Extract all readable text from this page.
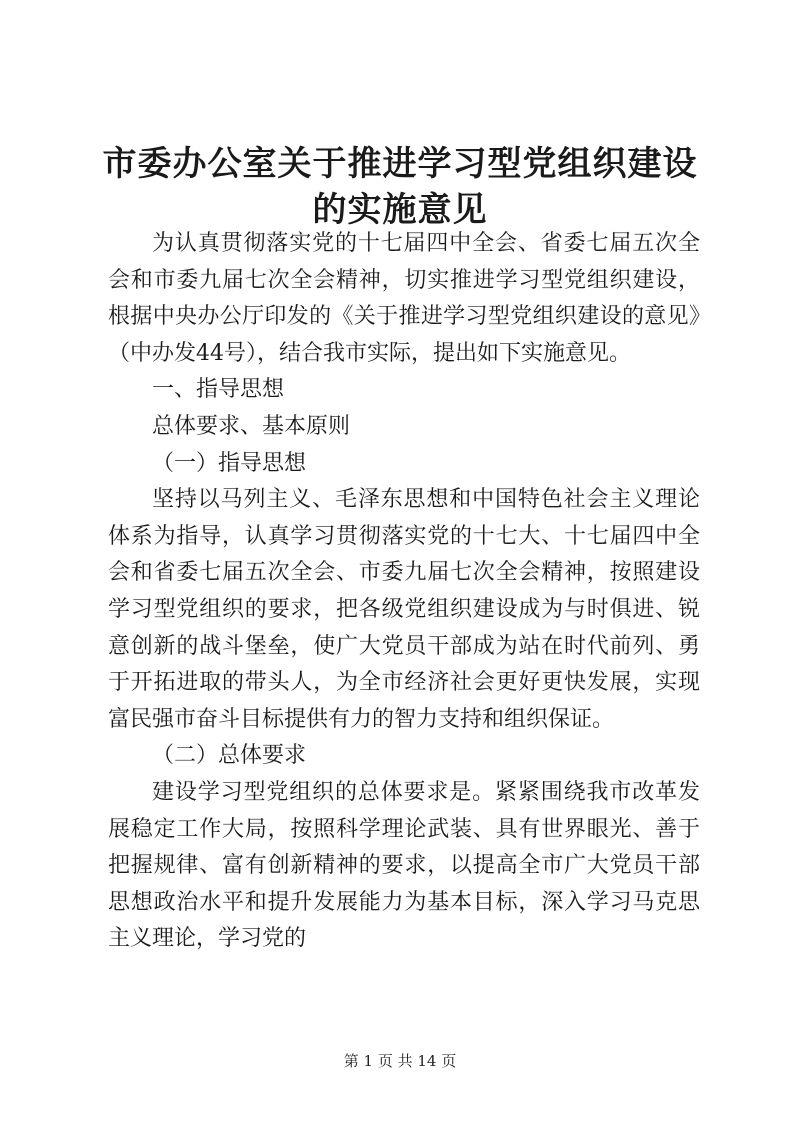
市委办公室关于推进学习型党组织建设的实施意见

为认真贯彻落实党的十七届四中全会、省委七届五次全会和市委九届七次全会精神，切实推进学习型党组织建设，根据中央办公厅印发的《关于推进学习型党组织建设的意见》（中办发44号），结合我市实际，提出如下实施意见。

一、指导思想

总体要求、基本原则

（一）指导思想

坚持以马列主义、毛泽东思想和中国特色社会主义理论体系为指导，认真学习贯彻落实党的十七大、十七届四中全会和省委七届五次全会、市委九届七次全会精神，按照建设学习型党组织的要求，把各级党组织建设成为与时俱进、锐意创新的战斗堡垒，使广大党员干部成为站在时代前列、勇于开拓进取的带头人，为全市经济社会更好更快发展，实现富民强市奋斗目标提供有力的智力支持和组织保证。

（二）总体要求

建设学习型党组织的总体要求是。紧紧围绕我市改革发展稳定工作大局，按照科学理论武装、具有世界眼光、善于把握规律、富有创新精神的要求，以提高全市广大党员干部思想政治水平和提升发展能力为基本目标，深入学习马克思主义理论，学习党的

第 1 页 共 14 页
